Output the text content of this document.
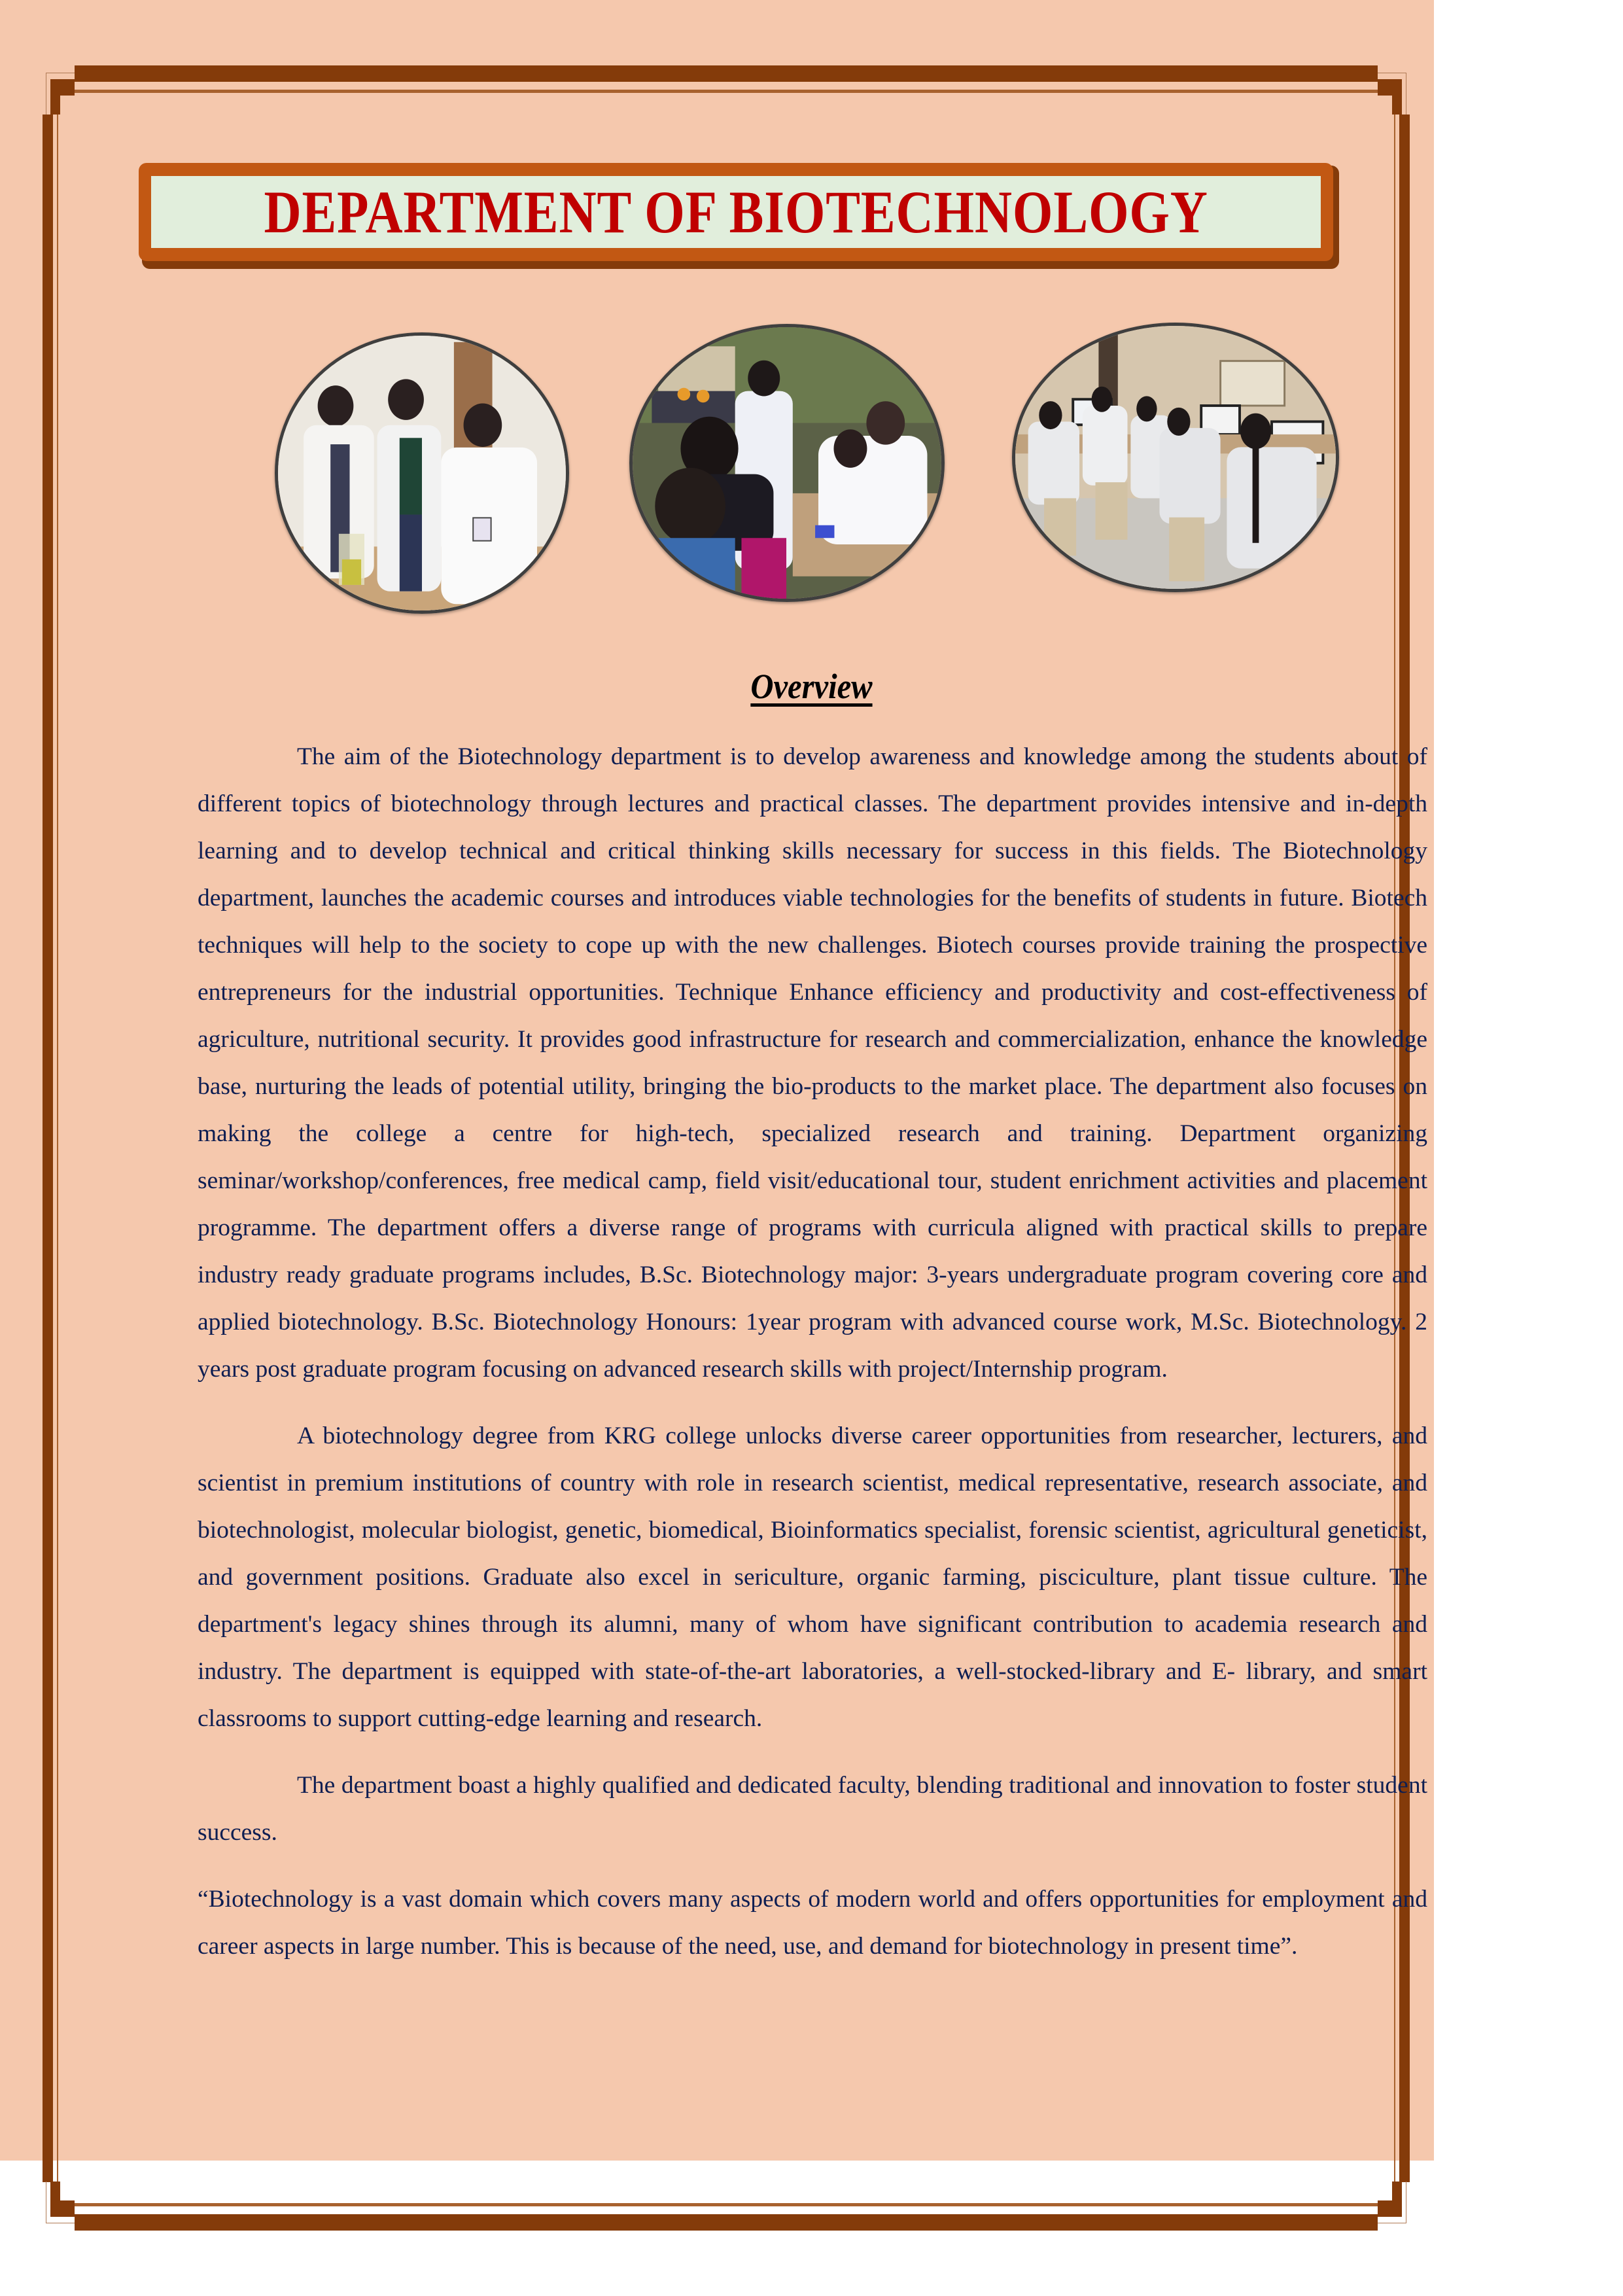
DEPARTMENT OF BIOTECHNOLOGY
Overview

The aim of the Biotechnology department is to develop awareness and knowledge among the students about of different topics of biotechnology through lectures and practical classes. The department provides intensive and in-depth learning and to develop technical and critical thinking skills necessary for success in this fields. The Biotechnology department, launches the academic courses and introduces viable technologies for the benefits of students in future. Biotech techniques will help to the society to cope up with the new challenges. Biotech courses provide training the prospective entrepreneurs for the industrial opportunities. Technique Enhance efficiency and productivity and cost-effectiveness of agriculture, nutritional security. It provides good infrastructure for research and commercialization, enhance the knowledge base, nurturing the leads of potential utility, bringing the bio-products to the market place. The department also focuses on making the college a centre for high-tech, specialized research and training. Department organizing seminar/workshop/conferences, free medical camp, field visit/educational tour, student enrichment activities and placement programme. The department offers a diverse range of programs with curricula aligned with practical skills to prepare industry ready graduate programs includes, B.Sc. Biotechnology major: 3-years undergraduate program covering core and applied biotechnology. B.Sc. Biotechnology Honours: 1year program with advanced course work, M.Sc. Biotechnology. 2 years post graduate program focusing on advanced research skills with project/Internship program.

A biotechnology degree from KRG college unlocks diverse career opportunities from researcher, lecturers, and scientist in premium institutions of country with role in research scientist, medical representative, research associate, and biotechnologist, molecular biologist, genetic, biomedical, Bioinformatics specialist, forensic scientist, agricultural geneticist, and government positions. Graduate also excel in sericulture, organic farming, pisciculture, plant tissue culture. The department's legacy shines through its alumni, many of whom have significant contribution to academia research and industry. The department is equipped with state-of-the-art laboratories, a well-stocked-library and E- library, and smart classrooms to support cutting-edge learning and research.

The department boast a highly qualified and dedicated faculty, blending traditional and innovation to foster student success.

“Biotechnology is a vast domain which covers many aspects of modern world and offers opportunities for employment and career aspects in large number. This is because of the need, use, and demand for biotechnology in present time”.
